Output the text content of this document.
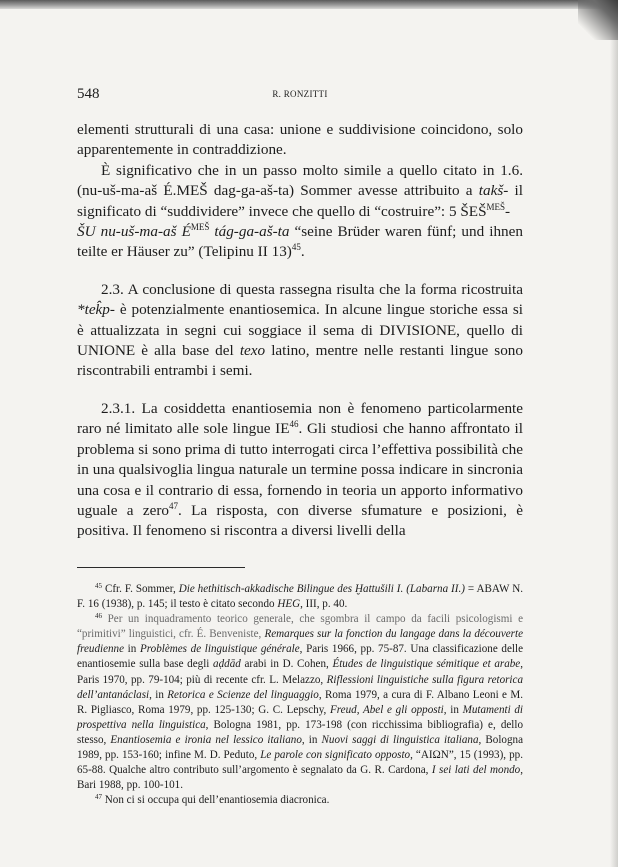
548	R. RONZITTI

elementi strutturali di una casa: unione e suddivisione coincidono, solo apparentemente in contraddizione.

È significativo che in un passo molto simile a quello citato in 1.6. (nu-uš-ma-aš É.MEŠ dag-ga-aš-ta) Sommer avesse attribuito a takš- il significato di “suddividere” invece che quello di “costruire”: 5 $ŠEŠ^{MEŠ}-$
ŠU nu-uš-ma-aš $É^{MEŠ}$ tág-ga-aš-ta “seine Brüder waren fünf; und ihnen teilte er Häuser zu” (Telipinu II 13)$^{45}$.

2.3. A conclusione di questa rassegna risulta che la forma ricostruita *tek̂p- è potenzialmente enantiosemica. In alcune lingue storiche essa si è attualizzata in segni cui soggiace il sema di DIVISIONE, quello di UNIONE è alla base del texo latino, mentre nelle restanti lingue sono riscontrabili entrambi i semi.

2.3.1. La cosiddetta enantiosemia non è fenomeno particolarmente raro né limitato alle sole lingue IE$^{46}$. Gli studiosi che hanno affrontato il problema si sono prima di tutto interrogati circa l’effettiva possibilità che in una qualsivoglia lingua naturale un termine possa indicare in sincronia una cosa e il contrario di essa, fornendo in teoria un apporto informativo uguale a zero$^{47}$. La risposta, con diverse sfumature e posizioni, è positiva. Il fenomeno si riscontra a diversi livelli della

$^{45}$ Cfr. F. Sommer, Die hethitisch-akkadische Bilingue des Ḫattušili I. (Labarna II.) = ABAW N. F. 16 (1938), p. 145; il testo è citato secondo HEG, III, p. 40.

$^{46}$ Per un inquadramento teorico generale, che sgombra il campo da facili psicologismi e “primitivi” linguistici, cfr. É. Benveniste, Remarques sur la fonction du langage dans la découverte freudienne in Problèmes de linguistique générale, Paris 1966, pp. 75-87. Una classificazione delle enantiosemie sulla base degli aḍdād arabi in D. Cohen, Études de linguistique sémitique et arabe, Paris 1970, pp. 79-104; più di recente cfr. L. Melazzo, Riflessioni linguistiche sulla figura retorica dell’antanáclasi, in Retorica e Scienze del linguaggio, Roma 1979, a cura di F. Albano Leoni e M. R. Pigliasco, Roma 1979, pp. 125-130; G. C. Lepschy, Freud, Abel e gli opposti, in Mutamenti di prospettiva nella linguistica, Bologna 1981, pp. 173-198 (con ricchissima bibliografia) e, dello stesso, Enantiosemia e ironia nel lessico italiano, in Nuovi saggi di linguistica italiana, Bologna 1989, pp. 153-160; infine M. D. Peduto, Le parole con significato opposto, “ΑΙΩΝ”, 15 (1993), pp. 65-88. Qualche altro contributo sull’argomento è segnalato da G. R. Cardona, I sei lati del mondo, Bari 1988, pp. 100-101.

$^{47}$ Non ci si occupa qui dell’enantiosemia diacronica.
